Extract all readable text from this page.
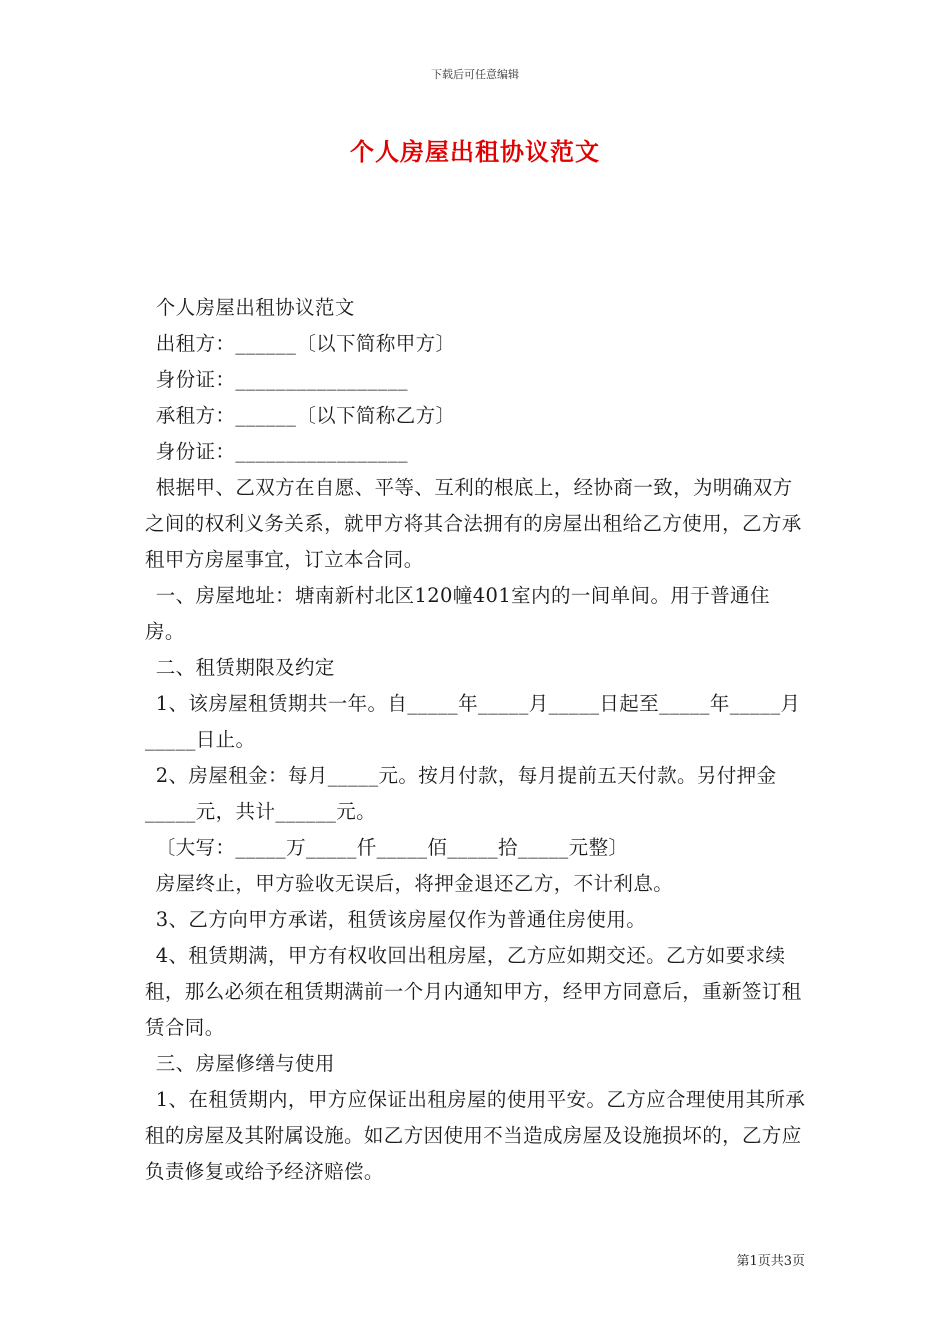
下载后可任意编辑
个人房屋出租协议范文

个人房屋出租协议范文

出租方：______〔以下简称甲方〕

身份证：_________________

承租方：______〔以下简称乙方〕

身份证：_________________

根据甲、乙双方在自愿、平等、互利的根底上，经协商一致，为明确双方之间的权利义务关系，就甲方将其合法拥有的房屋出租给乙方使用，乙方承租甲方房屋事宜，订立本合同。

一、房屋地址：塘南新村北区120幢401室内的一间单间。用于普通住房。

二、租赁期限及约定

1、该房屋租赁期共一年。自_____年_____月_____日起至_____年_____月_____日止。

2、房屋租金：每月_____元。按月付款，每月提前五天付款。另付押金_____元，共计______元。

〔大写：_____万_____仟_____佰_____拾_____元整〕

房屋终止，甲方验收无误后，将押金退还乙方，不计利息。

3、乙方向甲方承诺，租赁该房屋仅作为普通住房使用。

4、租赁期满，甲方有权收回出租房屋，乙方应如期交还。乙方如要求续租，那么必须在租赁期满前一个月内通知甲方，经甲方同意后，重新签订租赁合同。

三、房屋修缮与使用

1、在租赁期内，甲方应保证出租房屋的使用平安。乙方应合理使用其所承租的房屋及其附属设施。如乙方因使用不当造成房屋及设施损坏的，乙方应负责修复或给予经济赔偿。

第1页共3页
